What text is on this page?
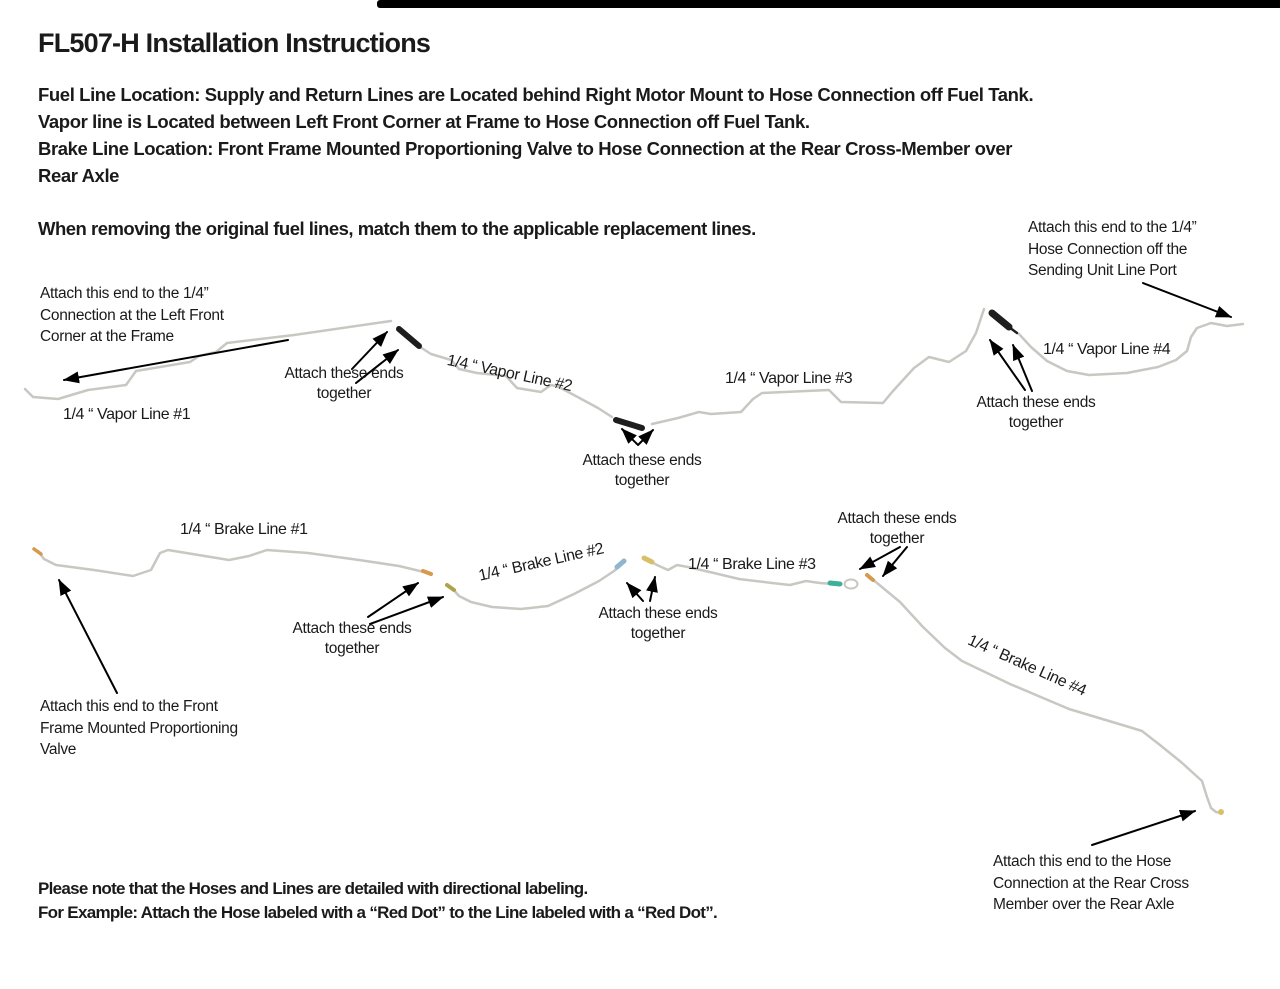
FL507-H Installation Instructions
Fuel Line Location: Supply and Return Lines are Located behind Right Motor Mount to Hose Connection off Fuel Tank.
Vapor line is Located between Left Front Corner at Frame to Hose Connection off Fuel Tank.
Brake Line Location: Front Frame Mounted Proportioning Valve to Hose Connection at the Rear Cross-Member over
Rear Axle
When removing the original fuel lines, match them to the applicable replacement lines.	Attach this end to the 1/4”
Hose Connection off the
Sending Unit Line Port
Attach this end to the 1/4”
Connection at the Left Front
Corner at the Frame
Attach this end to the Front
Frame Mounted Proportioning
Valve
Attach this end to the Hose
Connection at the Rear Cross
Member over the Rear Axle
Attach these ends
together
Attach these ends
together
Attach these ends
together
Attach these ends
together
Attach these ends
together
Attach these ends
together
1/4 “ Vapor Line #1
1/4 “ Vapor Line #2	1/4 “ Vapor Line #3
1/4 “ Vapor Line #4
1/4 “ Brake Line #1
1/4 “ Brake Line #2	1/4 “ Brake Line #3
1/4 “ Brake Line #4
Please note that the Hoses and Lines are detailed with directional labeling.
For Example: Attach the Hose labeled with a “Red Dot” to the Line labeled with a “Red Dot”.
